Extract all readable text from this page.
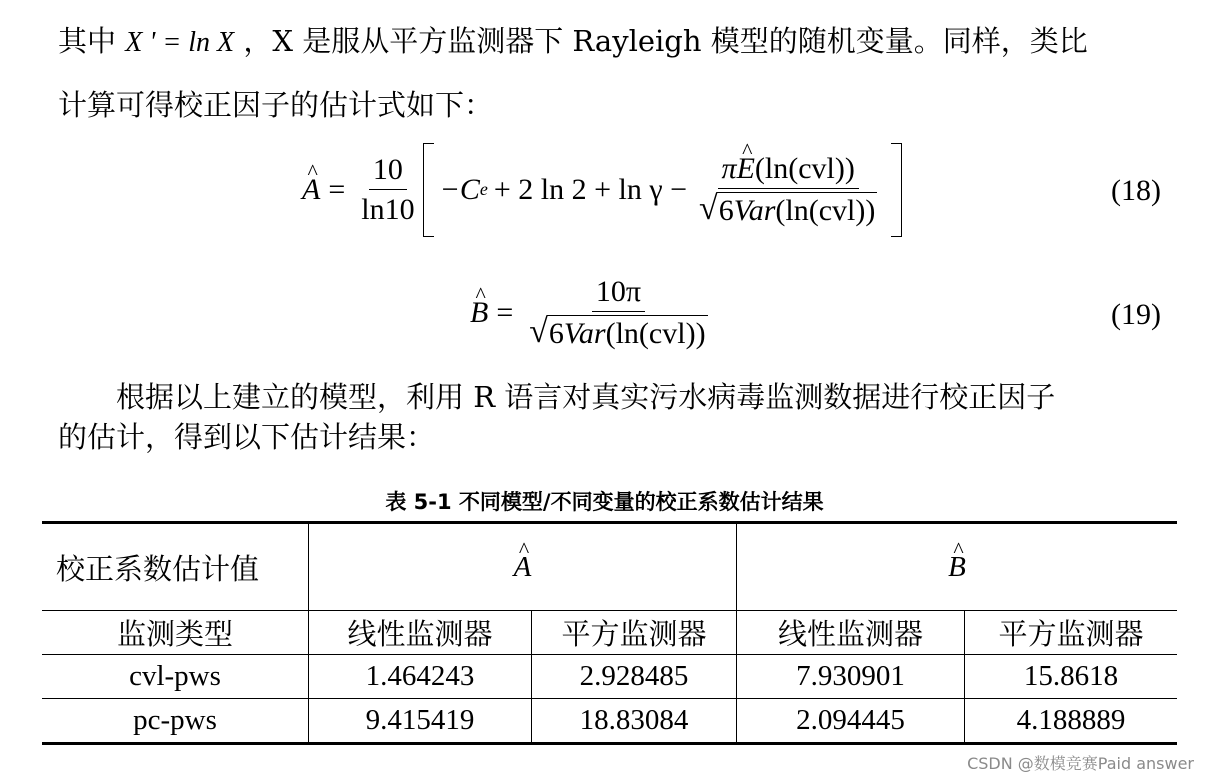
其中 X ' = ln X ，X 是服从平方监测器下 Rayleigh 模型的随机变量。同样，类比
计算可得校正因子的估计式如下：
^ $A = \frac{10}{\ln 10} -C$ e + 2 $\ln 2 + \ln \gamma - \frac{\text{π\textasciicircum{} E(ln(cvl))}}{\text{√ 6Var(ln(cvl))}}$	(18)
^ $B = \frac{10\pi}{\text{√ 6Var(ln(cvl))}}$	(19)
根据以上建立的模型，利用 R 语言对真实污水病毒监测数据进行校正因子
的估计，得到以下估计结果：
表 5-1 不同模型/不同变量的校正系数估计结果
校正系数估计值	^ A		^ B
监测类型	线性监测器	平方监测器	线性监测器	平方监测器
cvl-pws	1.464243	2.928485	7.930901	15.8618
pc-pws	9.415419	18.83084	2.094445	4.188889
CSDN @数模竞赛Paid answer
